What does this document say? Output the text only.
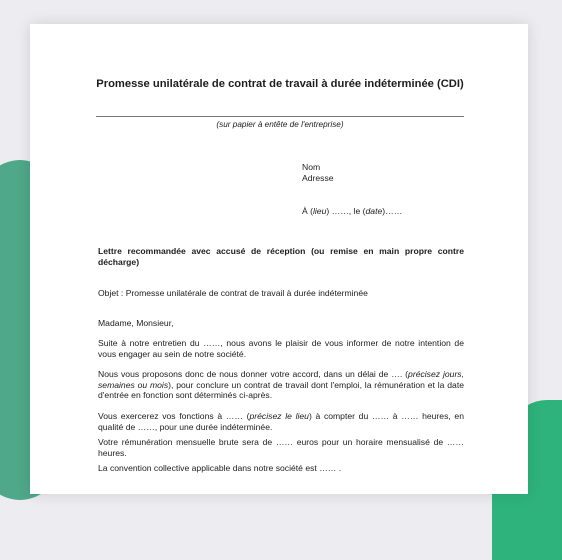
Promesse unilatérale de contrat de travail à durée indéterminée (CDI)
(sur papier à entête de l'entreprise)
Nom
Adresse
À (lieu) ……, le (date)……
Lettre recommandée avec accusé de réception (ou remise en main propre contre décharge)
Objet : Promesse unilatérale de contrat de travail à durée indéterminée
Madame, Monsieur,
Suite à notre entretien du ……, nous avons le plaisir de vous informer de notre intention de vous engager au sein de notre société.
Nous vous proposons donc de nous donner votre accord, dans un délai de …. (précisez jours, semaines ou mois), pour conclure un contrat de travail dont l'emploi, la rémunération et la date d'entrée en fonction sont déterminés ci-après.
Vous exercerez vos fonctions à …… (précisez le lieu) à compter du …… à …… heures, en qualité de ……, pour une durée indéterminée.
Votre rémunération mensuelle brute sera de …… euros pour un horaire mensualisé de …… heures.
La convention collective applicable dans notre société est …… .
